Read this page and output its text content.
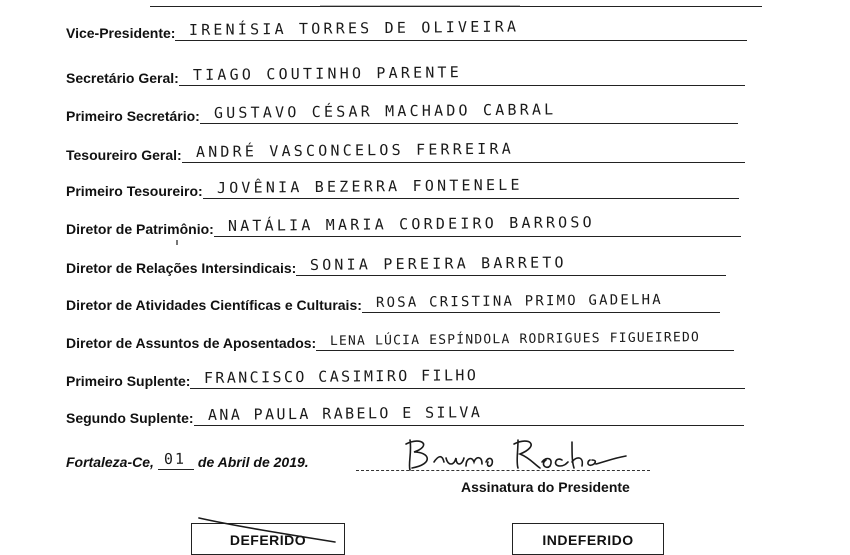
Vice-Presidente: IRENÍSIA TORRES DE OLIVEIRA
Secretário Geral: TIAGO COUTINHO PARENTE
Primeiro Secretário: GUSTAVO CÉSAR MACHADO CABRAL
Tesoureiro Geral: ANDRÉ VASCONCELOS FERREIRA
Primeiro Tesoureiro: JOVÊNIA BEZERRA FONTENELE
Diretor de Patrimônio: NATÁLIA MARIA CORDEIRO BARROSO
Diretor de Relações Intersindicais: SONIA PEREIRA BARRETO
Diretor de Atividades Científicas e Culturais: ROSA CRISTINA PRIMO GADELHA
Diretor de Assuntos de Aposentados: LENA LÚCIA ESPÍNDOLA RODRIGUES FIGUEIREDO
Primeiro Suplente: FRANCISCO CASIMIRO FILHO
Segundo Suplente: ANA PAULA RABELO E SILVA
Fortaleza-Ce, 01 de Abril de 2019.
Assinatura do Presidente
DEFERIDO	INDEFERIDO
